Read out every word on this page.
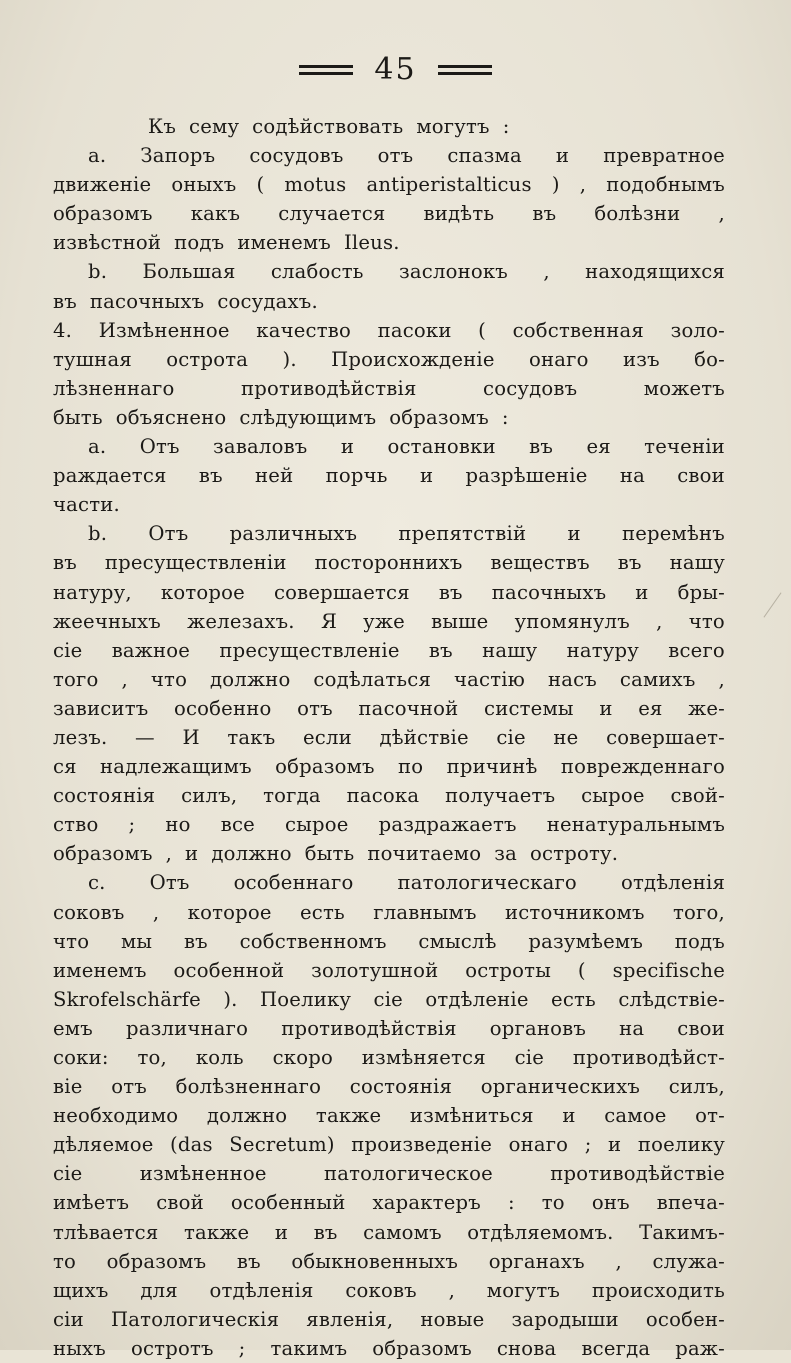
45
Къ сему содѣйствовать могутъ :
а. Запоръ сосудовъ отъ спазма и превратное
движеніе оныхъ ( motus antiperistalticus ) , подобнымъ
образомъ какъ случается видѣть въ болѣзни ,
извѣстной подъ именемъ Ileus.
b. Большая слабость заслонокъ , находящихся
въ пасочныхъ сосудахъ.
4. Измѣненное качество пасоки ( собственная золо-
тушная острота ). Происхожденіе онаго изъ бо-
лѣзненнаго	противодѣйствія	сосудовъ	можетъ
быть объяснено слѣдующимъ образомъ :
а. Отъ заваловъ и остановки въ ея теченіи
раждается въ ней порчь и разрѣшеніе на свои
части.
b. Отъ различныхъ препятствій и перемѣнъ
въ пресуществленіи постороннихъ веществъ въ нашу
натуру, которое совершается въ пасочныхъ и бры-
жеечныхъ железахъ. Я уже выше упомянулъ , что
сіе важное пресуществленіе въ нашу натуру всего
того , что должно содѣлаться частію насъ самихъ ,
зависитъ особенно отъ пасочной системы и ея же-
лезъ. — И такъ если дѣйствіе сіе не совершает-
ся надлежащимъ образомъ по причинѣ поврежденнаго
состоянія силъ, тогда пасока получаетъ сырое свой-
ство ; но все сырое раздражаетъ ненатуральнымъ
образомъ , и должно быть почитаемо за остроту.
с. Отъ особеннаго патологическаго отдѣленія
соковъ , которое есть главнымъ источникомъ того,
что мы въ собственномъ смыслѣ разумѣемъ подъ
именемъ особенной золотушной остроты ( specifische
Skrofelschärfe ). Поелику сіе отдѣленіе есть слѣдствіе-
емъ различнаго противодѣйствія органовъ на свои
соки: то, коль скоро измѣняется сіе противодѣйст-
віе отъ болѣзненнаго состоянія органическихъ силъ,
необходимо должно также измѣниться и самое от-
дѣляемое (das Secretum) произведеніе онаго ; и поелику
сіе	измѣненное	патологическое	противодѣйствіе
имѣетъ свой особенный характеръ : то онъ впеча-
тлѣвается также и въ самомъ отдѣляемомъ. Такимъ-
то образомъ въ обыкновенныхъ органахъ , служа-
щихъ для отдѣленія соковъ , могутъ происходить
сіи Патологическія явленія, новые зародыши особен-
ныхъ остротъ ; такимъ образомъ снова всегда раж-
